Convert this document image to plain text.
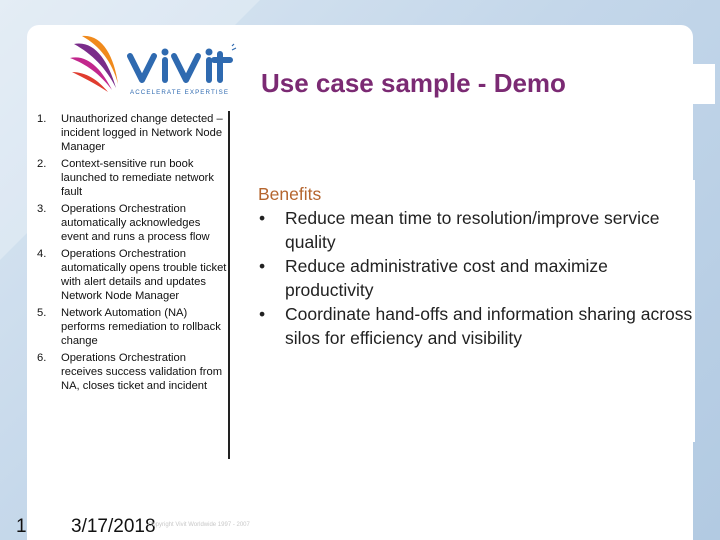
ACCELERATE EXPERTISE Use case sample - Demo
1.	Unauthorized change detected – incident logged in Network Node Manager
2.	Context-sensitive run book launched to remediate network fault
3.	Operations Orchestration automatically acknowledges event and runs a process flow
4.	Operations Orchestration automatically opens trouble ticket with alert details and updates Network Node Manager
5.	Network Automation (NA) performs remediation to rollback change
6.	Operations Orchestration receives success validation from NA, closes ticket and incident
Benefits
• Reduce mean time to resolution/improve service quality
• Reduce administrative cost and maximize productivity
• Coordinate hand-offs and information sharing across silos for efficiency and visibility
1 3/17/2018
Copyright Vivit Worldwide 1997 - 2007
